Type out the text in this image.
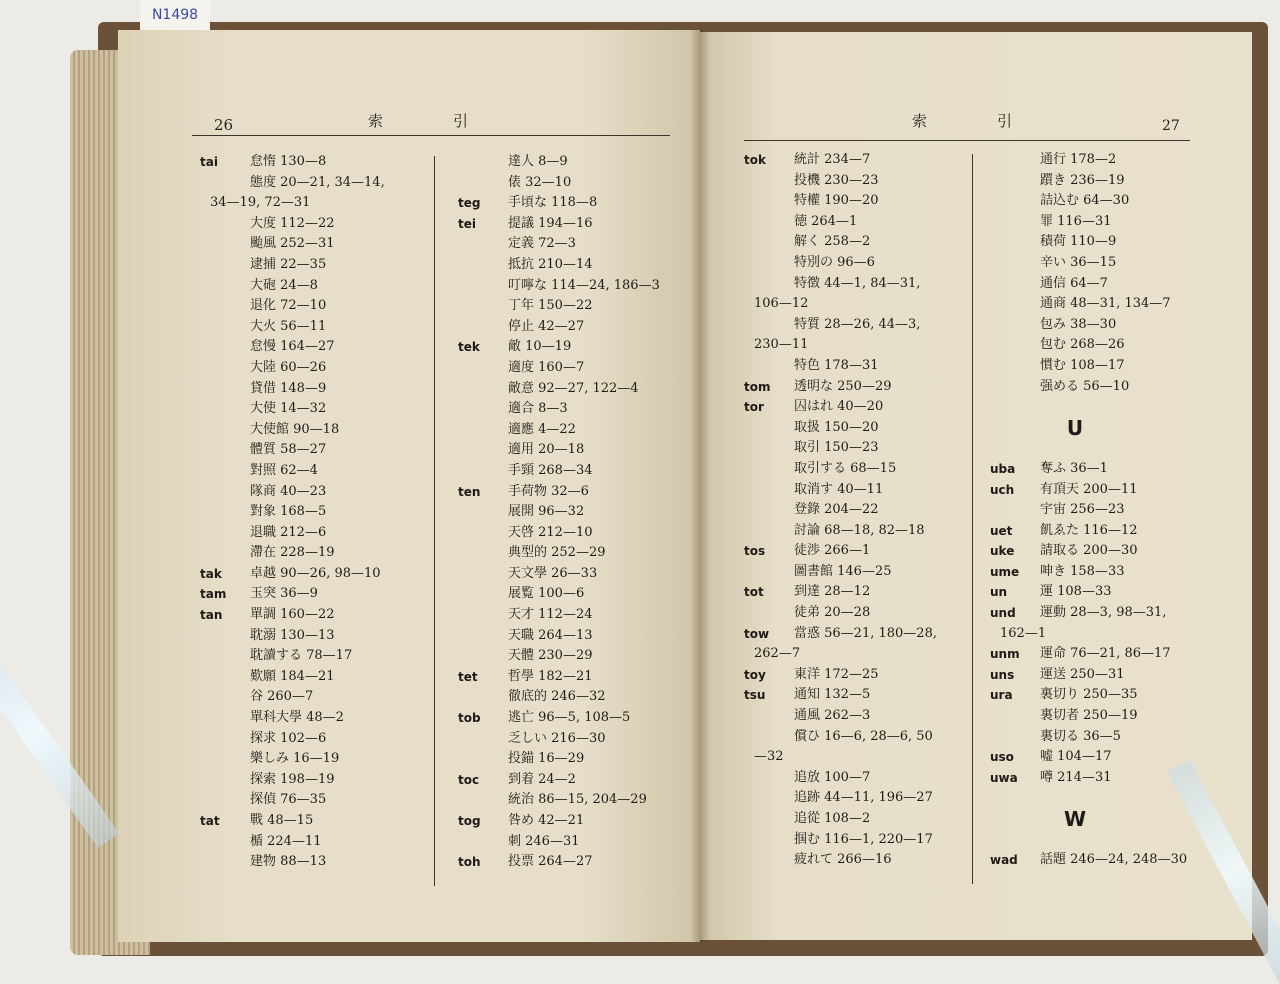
26	索　　　　引
tai 怠惰 130—8
態度 20—21, 34—14,
34—19, 72—31
大度 112—22
颱風 252—31
逮捕 22—35
大砲 24—8
退化 72—10
大火 56—11
怠慢 164—27
大陸 60—26
貸借 148—9
大使 14—32
大使館 90—18
體質 58—27
對照 62—4
隊商 40—23
對象 168—5
退職 212—6
滯在 228—19
tak 卓越 90—26, 98—10
tam 玉突 36—9
tan 單調 160—22
耽溺 130—13
耽讀する 78—17
歎願 184—21
谷 260—7
單科大學 48—2
探求 102—6
樂しみ 16—19
探索 198—19
探偵 76—35
tat 戰 48—15
楯 224—11
建物 88—13
達人 8—9
俵 32—10
teg 手頃な 118—8
tei 提議 194—16
定義 72—3
抵抗 210—14
叮嚀な 114—24, 186—3
丁年 150—22
停止 42—27
tek 敵 10—19
適度 160—7
敵意 92—27, 122—4
適合 8—3
適應 4—22
適用 20—18
手頸 268—34
ten 手荷物 32—6
展開 96—32
天啓 212—10
典型的 252—29
天文學 26—33
展覧 100—6
天才 112—24
天職 264—13
天體 230—29
tet 哲學 182—21
徹底的 246—32
tob 逃亡 96—5, 108—5
乏しい 216—30
投錨 16—29
toc 到着 24—2
統治 86—15, 204—29
tog 咎め 42—21
刺 246—31
toh 投票 264—27
索　　　　引	27
tok 統計 234—7
投機 230—23
特權 190—20
徳 264—1
解く 258—2
特別の 96—6
特徴 44—1, 84—31,
106—12
特質 28—26, 44—3,
230—11
特色 178—31
tom 透明な 250—29
tor 囚はれ 40—20
取扱 150—20
取引 150—23
取引する 68—15
取消す 40—11
登錄 204—22
討論 68—18, 82—18
tos 徒渉 266—1
圖書館 146—25
tot 到達 28—12
徒弟 20—28
tow 當惑 56—21, 180—28,
262—7
toy 東洋 172—25
tsu 通知 132—5
通風 262—3
償ひ 16—6, 28—6, 50
—32
追放 100—7
追跡 44—11, 196—27
追從 108—2
掴む 116—1, 220—17
疲れて 266—16
通行 178—2
躓き 236—19
詰込む 64—30
罪 116—31
積荷 110—9
辛い 36—15
通信 64—7
通商 48—31, 134—7
包み 38—30
包む 268—26
慣む 108—17
强める 56—10
U
uba 奪ふ 36—1
uch 有頂天 200—11
宇宙 256—23
uet 飢ゑた 116—12
uke 請取る 200—30
ume 呻き 158—33
un	運 108—33
und 運動 28—3, 98—31,
162—1
unm 運命 76—21, 86—17
uns 運送 250—31
ura 裏切り 250—35
裏切者 250—19
裏切る 36—5
uso 嘘 104—17
uwa 噂 214—31
W
wad 話題 246—24, 248—30
N1498
